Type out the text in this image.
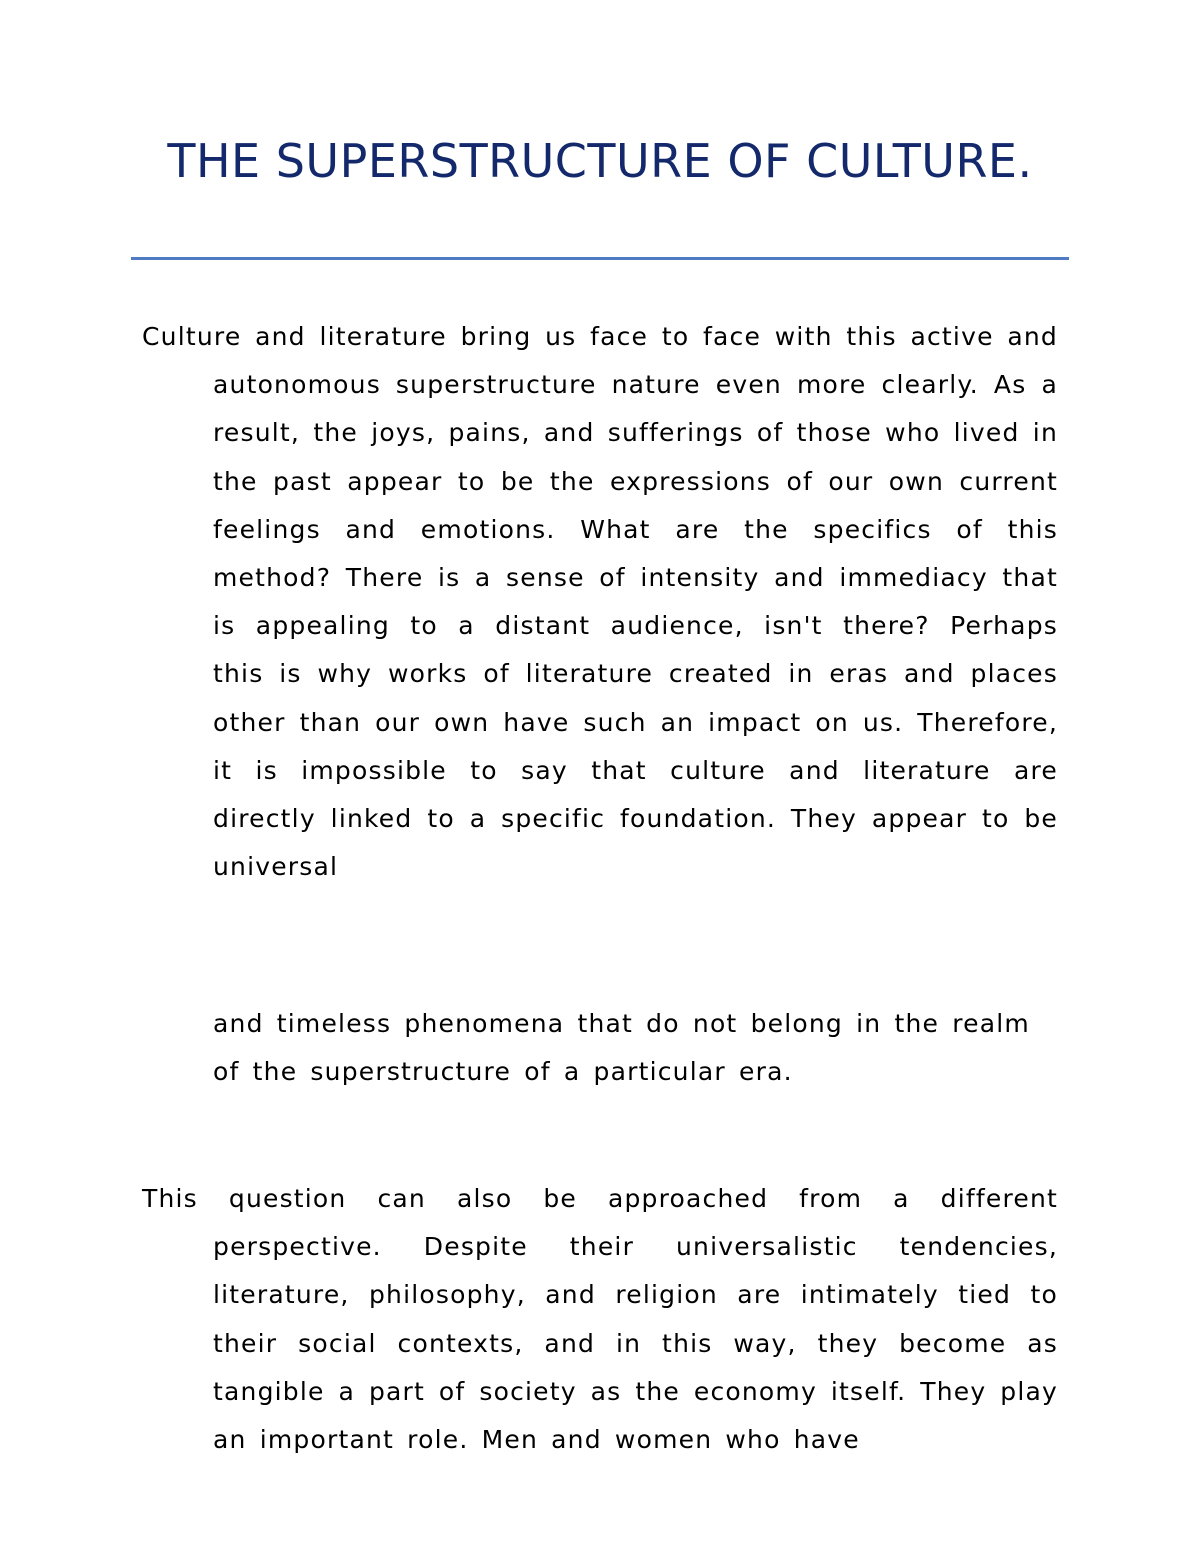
THE SUPERSTRUCTURE OF CULTURE.

Culture and literature bring us face to face with this active and autonomous superstructure nature even more clearly. As a result, the joys, pains, and sufferings of those who lived in the past appear to be the expressions of our own current feelings and emotions. What are the specifics of this method? There is a sense of intensity and immediacy that is appealing to a distant audience, isn't there? Perhaps this is why works of literature created in eras and places other than our own have such an impact on us. Therefore, it is impossible to say that culture and literature are directly linked to a specific foundation. They appear to be universal

and timeless phenomena that do not belong in the realm of the superstructure of a particular era.

This question can also be approached from a different perspective. Despite their universalistic tendencies, literature, philosophy, and religion are intimately tied to their social contexts, and in this way, they become as tangible a part of society as the economy itself. They play an important role. Men and women who have
